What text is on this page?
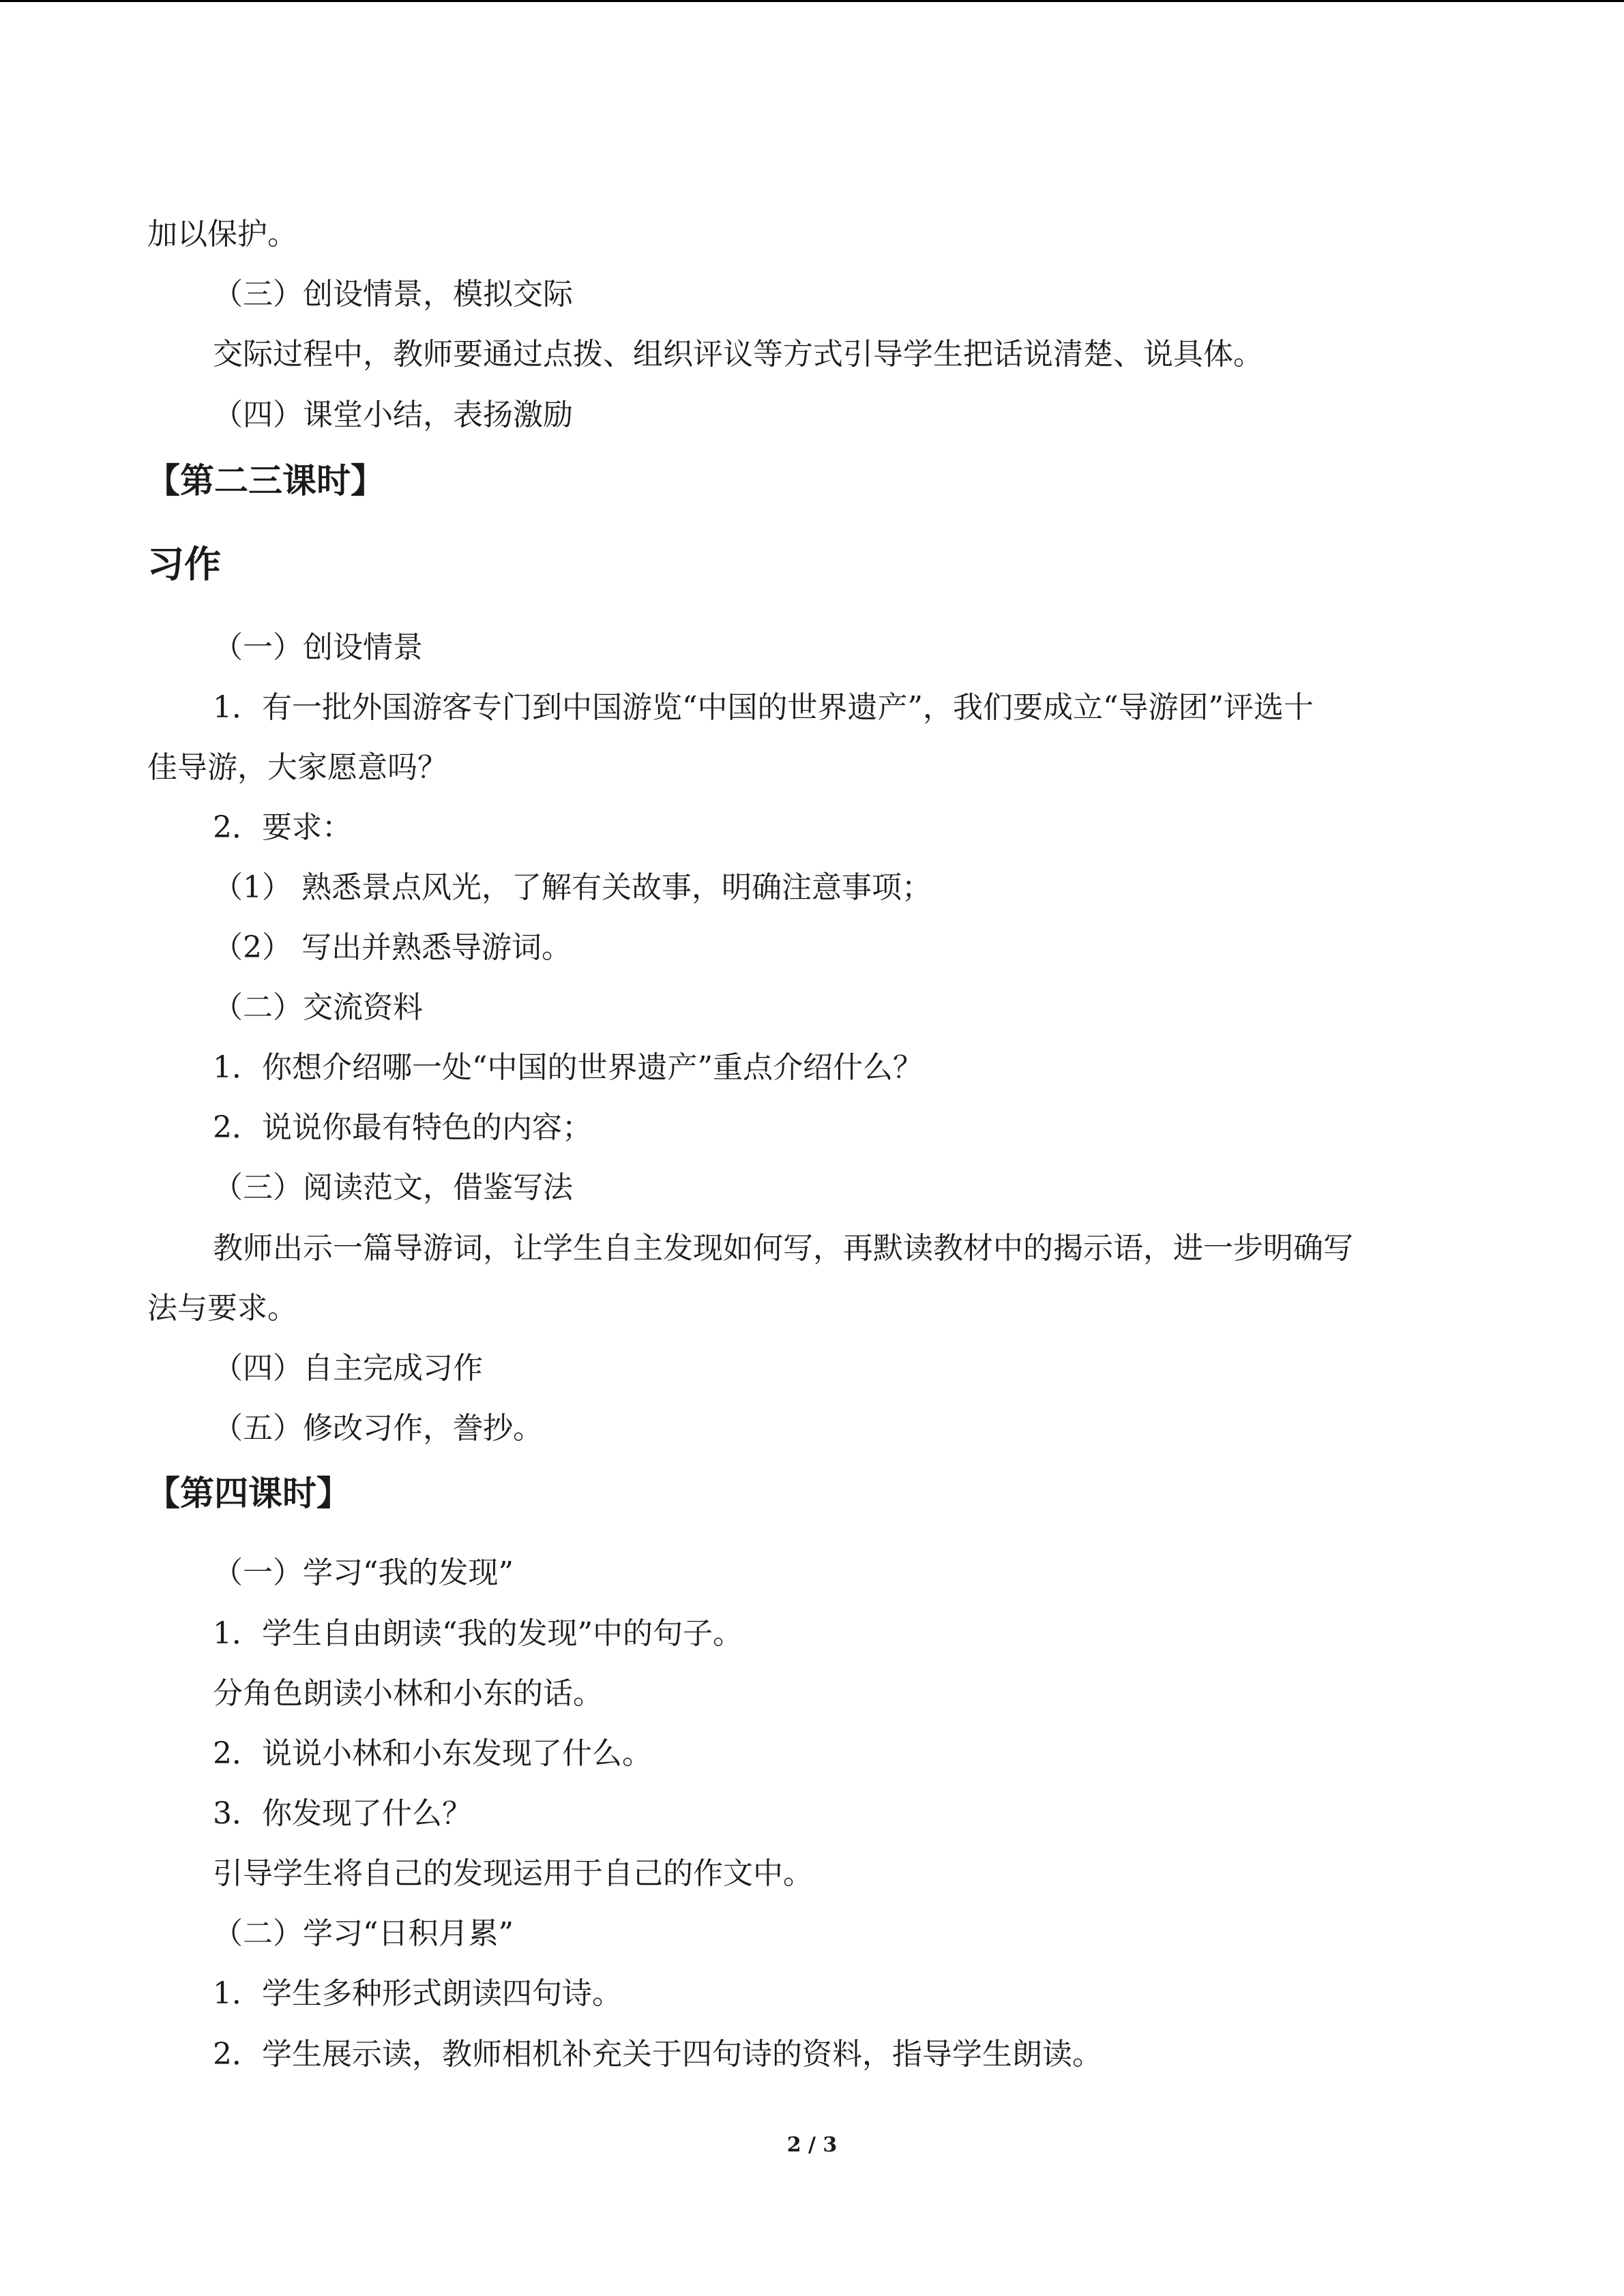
加以保护。
（三）创设情景，模拟交际
交际过程中，教师要通过点拨、组织评议等方式引导学生把话说清楚、说具体。
（四）课堂小结，表扬激励
【第二三课时】
习作
（一）创设情景
1．有一批外国游客专门到中国游览“中国的世界遗产”，我们要成立“导游团”评选十
佳导游，大家愿意吗？
2．要求：
（1） 熟悉景点风光，了解有关故事，明确注意事项；
（2） 写出并熟悉导游词。
（二）交流资料
1．你想介绍哪一处“中国的世界遗产”重点介绍什么？
2．说说你最有特色的内容；
（三）阅读范文，借鉴写法
教师出示一篇导游词，让学生自主发现如何写，再默读教材中的揭示语，进一步明确写
法与要求。
（四）自主完成习作
（五）修改习作，誊抄。
【第四课时】
（一）学习“我的发现”
1．学生自由朗读“我的发现”中的句子。
分角色朗读小林和小东的话。
2．说说小林和小东发现了什么。
3．你发现了什么？
引导学生将自己的发现运用于自己的作文中。
（二）学习“日积月累”
1．学生多种形式朗读四句诗。
2．学生展示读，教师相机补充关于四句诗的资料，指导学生朗读。
2 / 3
